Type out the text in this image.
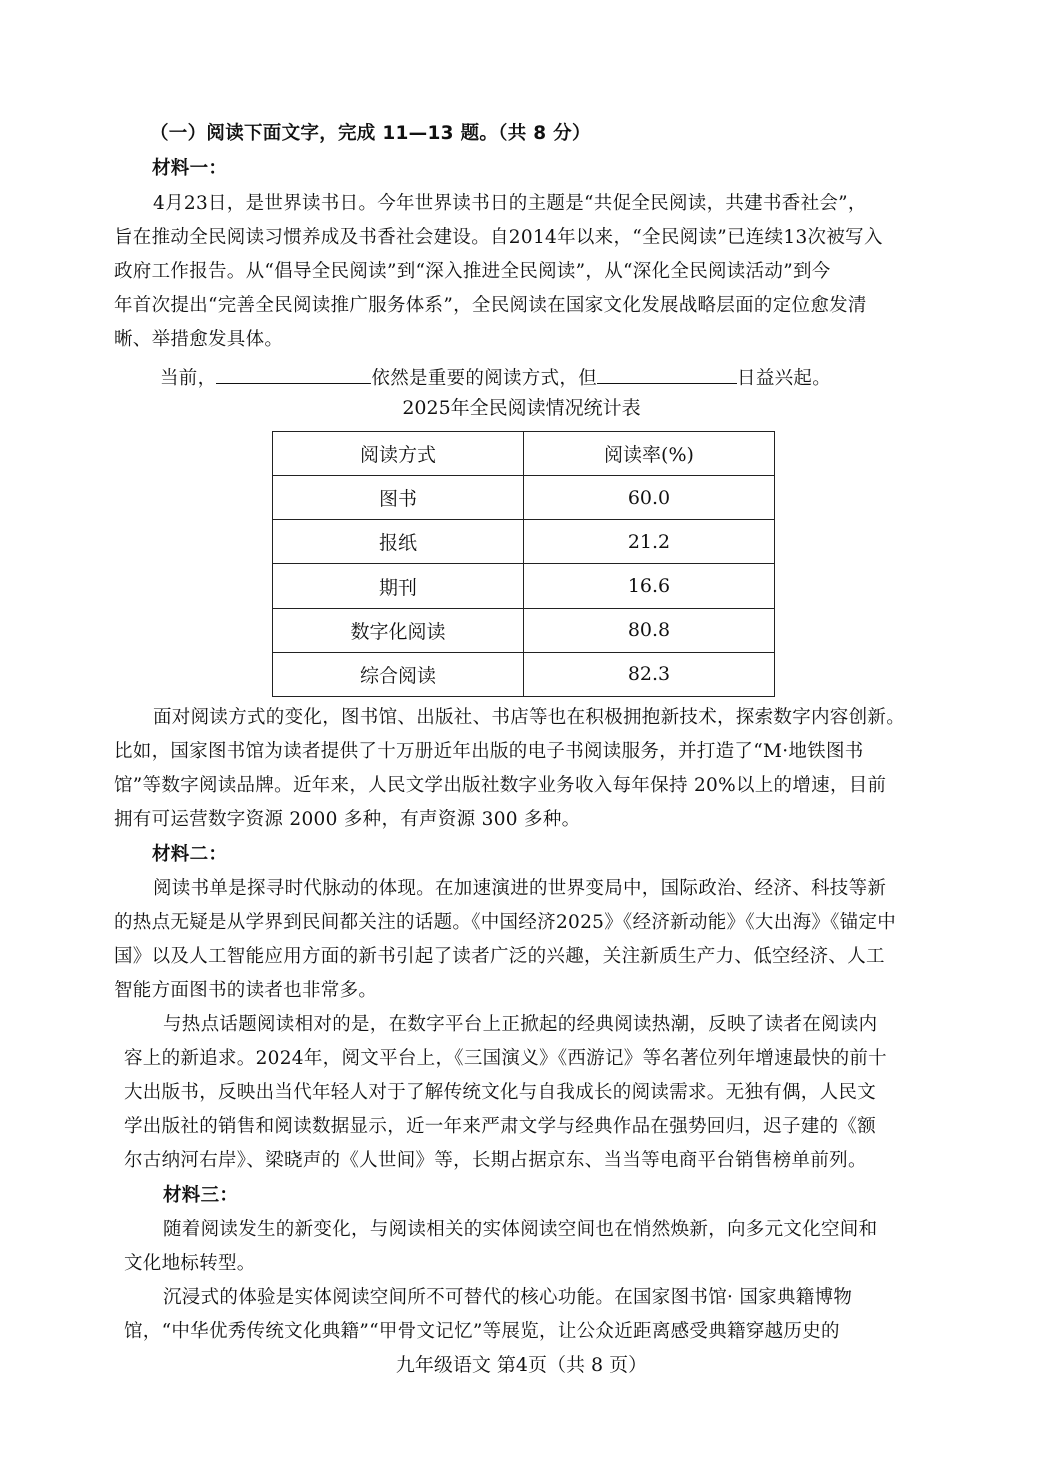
（一）阅读下面文字，完成 11—13 题。（共 8 分）
材料一：
4月23日，是世界读书日。今年世界读书日的主题是“共促全民阅读，共建书香社会”，
旨在推动全民阅读习惯养成及书香社会建设。自2014年以来，“全民阅读”已连续13次被写入
政府工作报告。从“倡导全民阅读”到“深入推进全民阅读”，从“深化全民阅读活动”到今
年首次提出“完善全民阅读推广服务体系”，全民阅读在国家文化发展战略层面的定位愈发清
晰、举措愈发具体。
当前，	依然是重要的阅读方式，但	日益兴起。
2025年全民阅读情况统计表
阅读方式	阅读率(%)
图书	60.0
报纸	21.2
期刊	16.6
数字化阅读	80.8
综合阅读	82.3
面对阅读方式的变化，图书馆、出版社、书店等也在积极拥抱新技术，探索数字内容创新。
比如，国家图书馆为读者提供了十万册近年出版的电子书阅读服务，并打造了“M·地铁图书
馆”等数字阅读品牌。近年来，人民文学出版社数字业务收入每年保持 20%以上的增速，目前
拥有可运营数字资源 2000 多种，有声资源 300 多种。
材料二：
阅读书单是探寻时代脉动的体现。在加速演进的世界变局中，国际政治、经济、科技等新
的热点无疑是从学界到民间都关注的话题。《中国经济2025》《经济新动能》《大出海》《锚定中
国》以及人工智能应用方面的新书引起了读者广泛的兴趣，关注新质生产力、低空经济、人工
智能方面图书的读者也非常多。
与热点话题阅读相对的是，在数字平台上正掀起的经典阅读热潮，反映了读者在阅读内
容上的新追求。2024年，阅文平台上，《三国演义》《西游记》等名著位列年增速最快的前十
大出版书，反映出当代年轻人对于了解传统文化与自我成长的阅读需求。无独有偶，人民文
学出版社的销售和阅读数据显示，近一年来严肃文学与经典作品在强势回归，迟子建的《额
尔古纳河右岸》、梁晓声的《人世间》等，长期占据京东、当当等电商平台销售榜单前列。
材料三：
随着阅读发生的新变化，与阅读相关的实体阅读空间也在悄然焕新，向多元文化空间和
文化地标转型。
沉浸式的体验是实体阅读空间所不可替代的核心功能。在国家图书馆· 国家典籍博物
馆，“中华优秀传统文化典籍”“甲骨文记忆”等展览，让公众近距离感受典籍穿越历史的
九年级语文 第4页（共 8 页）
